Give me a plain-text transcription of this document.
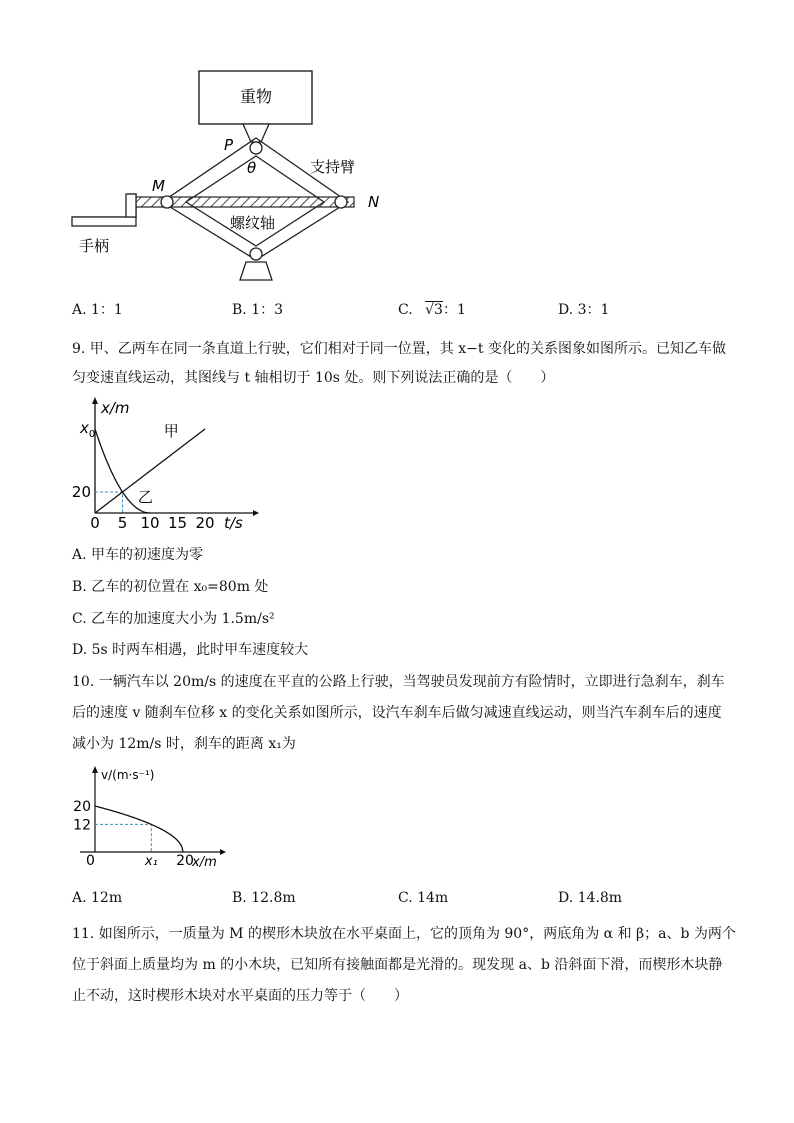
重物
P
θ	支持臂
M
N
螺纹轴
手柄
A. 1：1	B. 1：3	C. √3：1	D. 3：1
9. 甲、乙两车在同一条直道上行驶，它们相对于同一位置，其 x−t 变化的关系图象如图所示。已知乙车做
匀变速直线运动，其图线与 t 轴相切于 10s 处。则下列说法正确的是（　　）
x/m
t/s
0 5 10 15 20
20
$x_0$	甲
乙
A. 甲车的初速度为零
B. 乙车的初位置在 x₀=80m 处
C. 乙车的加速度大小为 1.5m/s²
D. 5s 时两车相遇，此时甲车速度较大
10. 一辆汽车以 20m/s 的速度在平直的公路上行驶，当驾驶员发现前方有险情时，立即进行急刹车，刹车
后的速度 v 随刹车位移 x 的变化关系如图所示，设汽车刹车后做匀减速直线运动，则当汽车刹车后的速度
减小为 12m/s 时，刹车的距离 x₁为
v/(m·s⁻¹)
x/m
20
12
0	x₁ 20
A. 12m	B. 12.8m	C. 14m	D. 14.8m
11. 如图所示，一质量为 M 的楔形木块放在水平桌面上，它的顶角为 90°，两底角为 α 和 β；a、b 为两个
位于斜面上质量均为 m 的小木块，已知所有接触面都是光滑的。现发现 a、b 沿斜面下滑，而楔形木块静
止不动，这时楔形木块对水平桌面的压力等于（　　）
